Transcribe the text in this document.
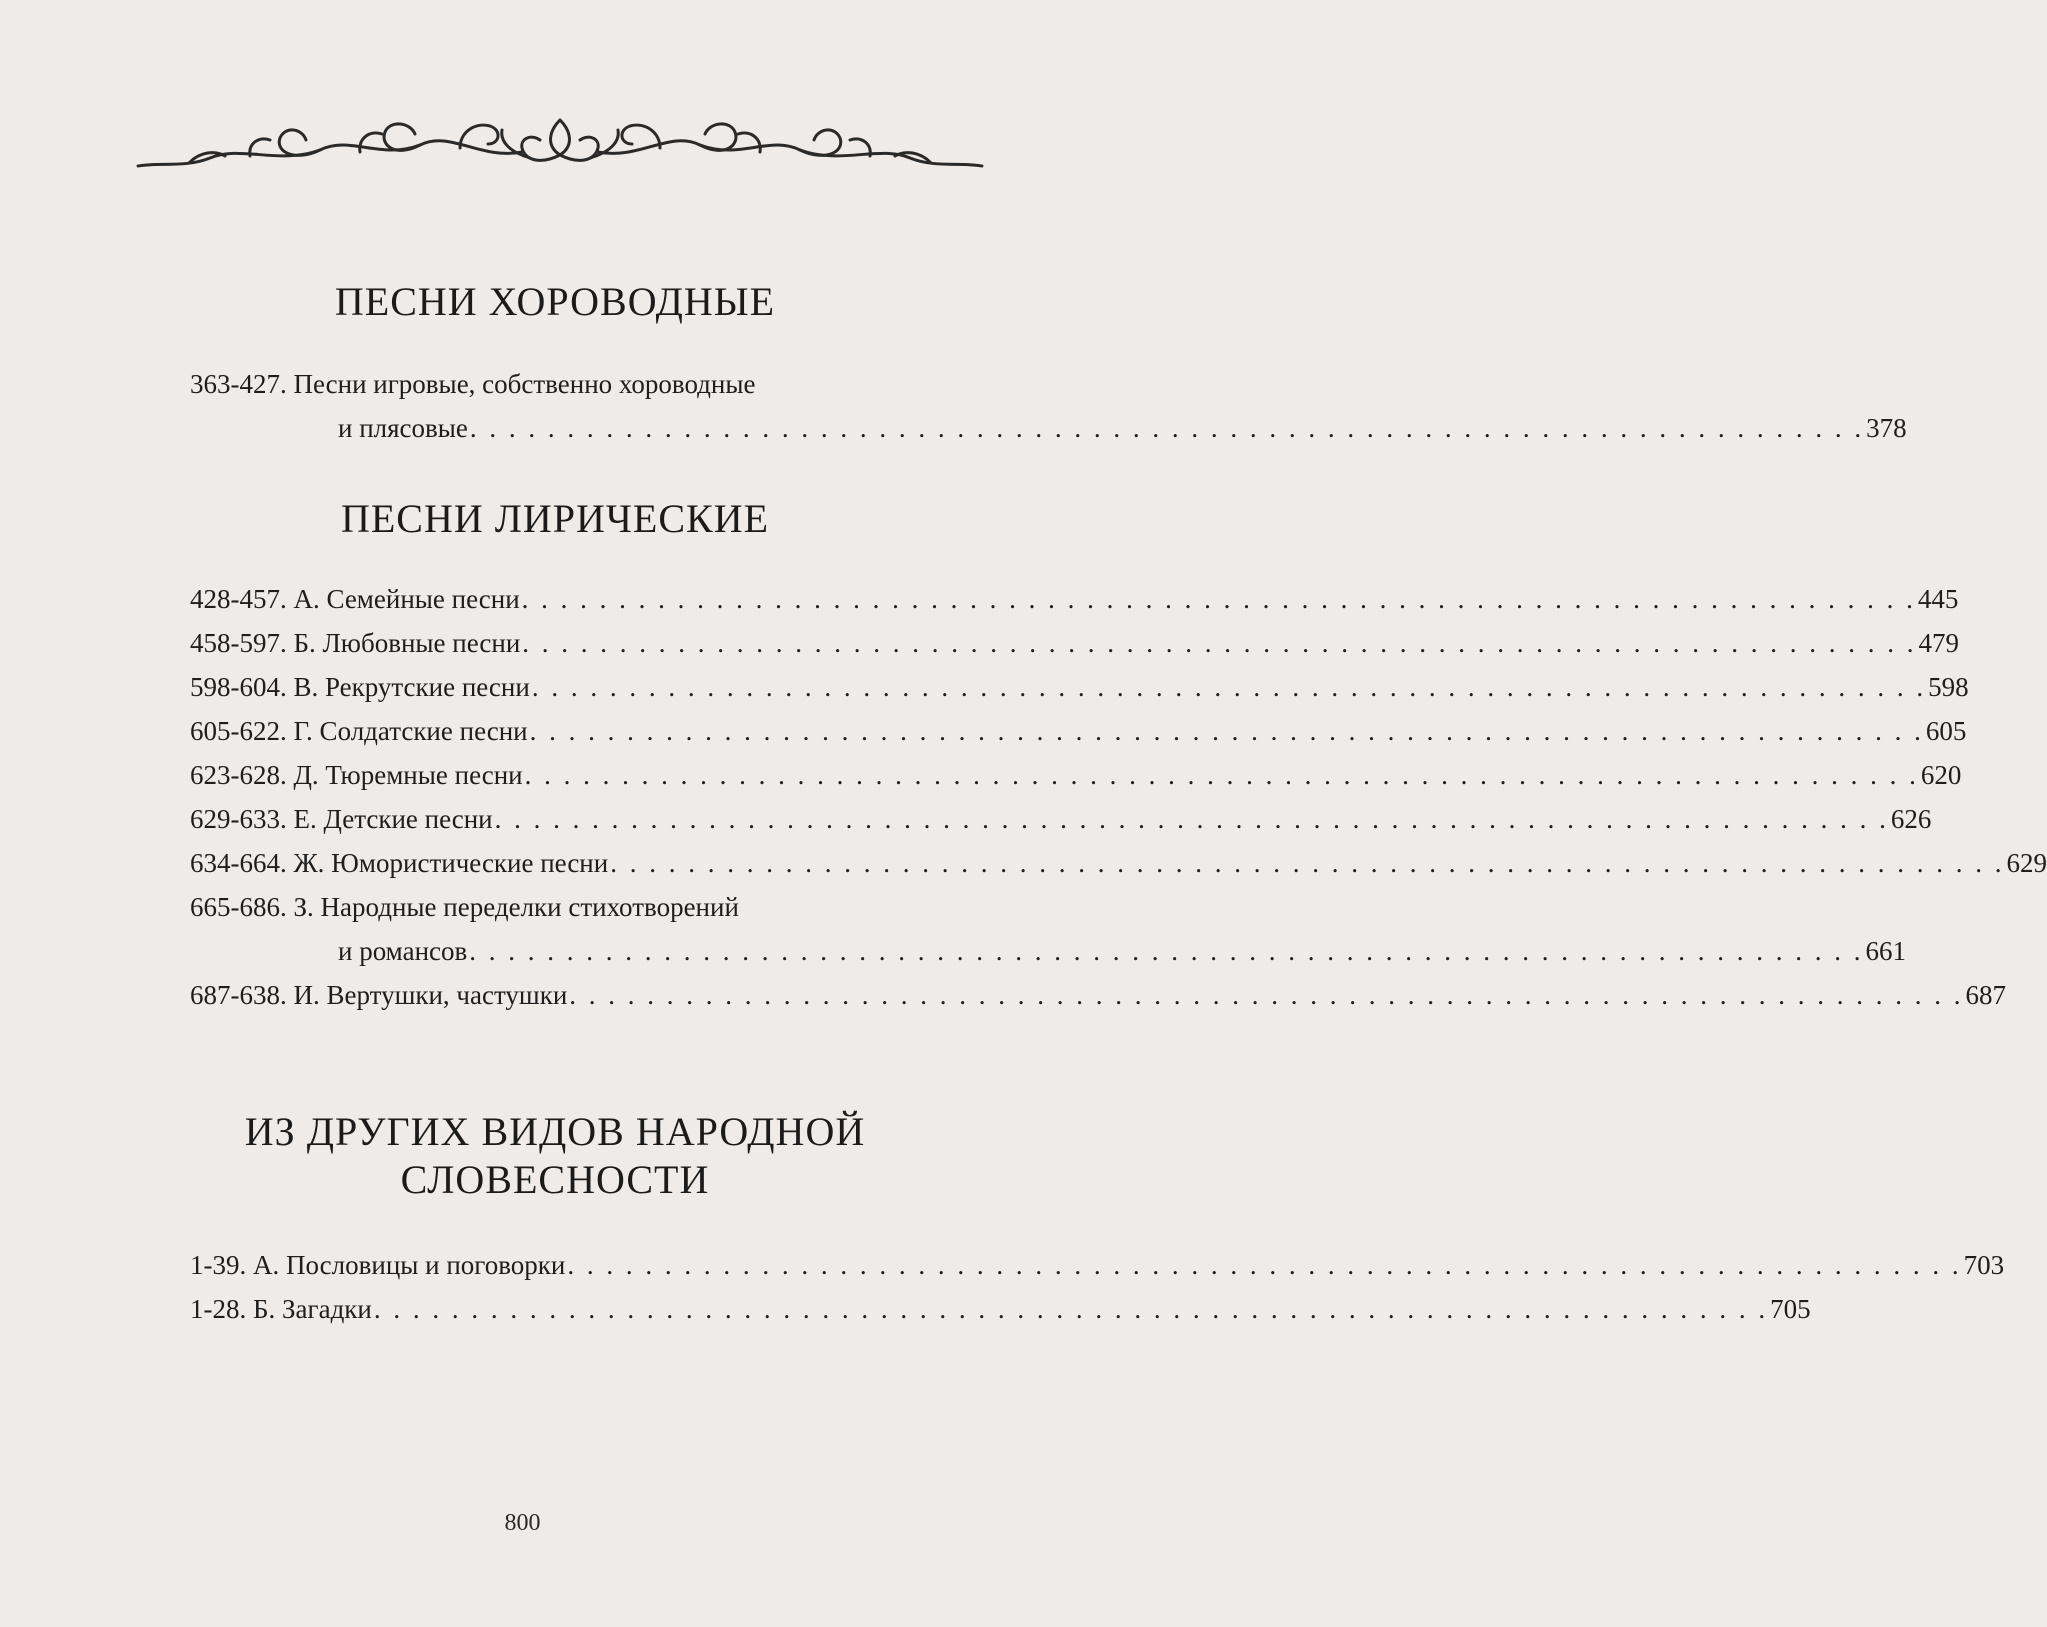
ПЕСНИ ХОРОВОДНЫЕ
363-427. Песни игровые, собственно хороводные
и плясовые . . . . . . . . . . . . . . . . . . . . . . . . . . . . . . . . . . . . . . . . . . . . . . . . . . . . . . . . . . . . . . . . . . . . . . . . 378
ПЕСНИ ЛИРИЧЕСКИЕ
428-457. А. Семейные песни . . . . . . . . . . . . . . . . . . . . . . . . . . . . . . . . . . . . . . . . . . . . . . . . . . . . . . . . . . . . . . . . . . . . . . . . 445
458-597. Б. Любовные песни . . . . . . . . . . . . . . . . . . . . . . . . . . . . . . . . . . . . . . . . . . . . . . . . . . . . . . . . . . . . . . . . . . . . . . . . 479
598-604. В. Рекрутские песни . . . . . . . . . . . . . . . . . . . . . . . . . . . . . . . . . . . . . . . . . . . . . . . . . . . . . . . . . . . . . . . . . . . . . . . . 598
605-622. Г. Солдатские песни . . . . . . . . . . . . . . . . . . . . . . . . . . . . . . . . . . . . . . . . . . . . . . . . . . . . . . . . . . . . . . . . . . . . . . . . 605
623-628. Д. Тюремные песни . . . . . . . . . . . . . . . . . . . . . . . . . . . . . . . . . . . . . . . . . . . . . . . . . . . . . . . . . . . . . . . . . . . . . . . . 620
629-633. Е. Детские песни . . . . . . . . . . . . . . . . . . . . . . . . . . . . . . . . . . . . . . . . . . . . . . . . . . . . . . . . . . . . . . . . . . . . . . . . 626
634-664. Ж. Юмористические песни . . . . . . . . . . . . . . . . . . . . . . . . . . . . . . . . . . . . . . . . . . . . . . . . . . . . . . . . . . . . . . . . . . . . . . . . 629
665-686. З. Народные переделки стихотворений
и романсов . . . . . . . . . . . . . . . . . . . . . . . . . . . . . . . . . . . . . . . . . . . . . . . . . . . . . . . . . . . . . . . . . . . . . . . . 661
687-638. И. Вертушки, частушки . . . . . . . . . . . . . . . . . . . . . . . . . . . . . . . . . . . . . . . . . . . . . . . . . . . . . . . . . . . . . . . . . . . . . . . . 687
ИЗ ДРУГИХ ВИДОВ НАРОДНОЙ
СЛОВЕСНОСТИ
1-39. А. Пословицы и поговорки . . . . . . . . . . . . . . . . . . . . . . . . . . . . . . . . . . . . . . . . . . . . . . . . . . . . . . . . . . . . . . . . . . . . . . . . 703
1-28. Б. Загадки . . . . . . . . . . . . . . . . . . . . . . . . . . . . . . . . . . . . . . . . . . . . . . . . . . . . . . . . . . . . . . . . . . . . . . . . 705
800
